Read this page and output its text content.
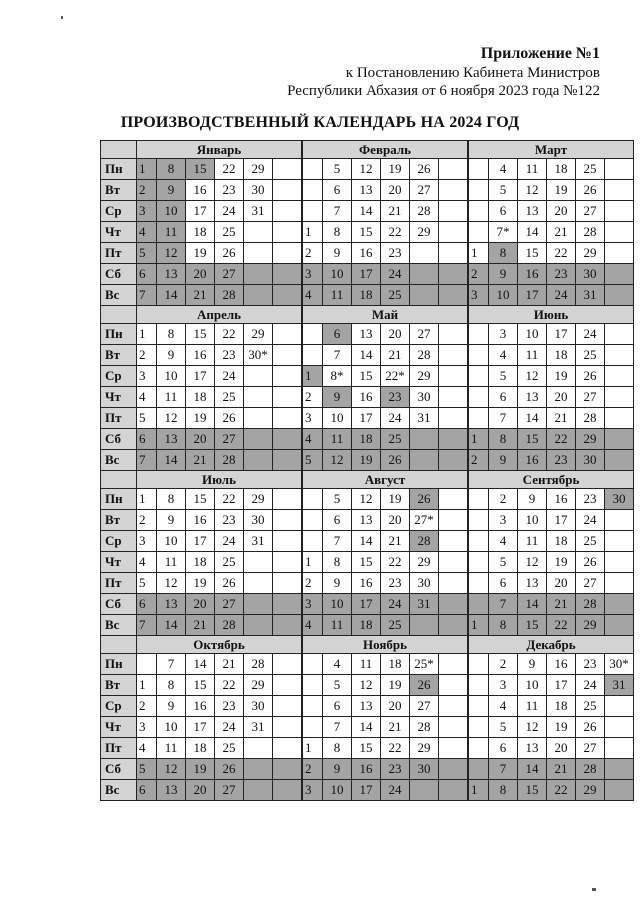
Приложение №1
к Постановлению Кабинета Министров
Республики Абхазия от 6 ноября 2023 года №122
ПРОИЗВОДСТВЕННЫЙ КАЛЕНДАРЬ НА 2024 ГОД
	Январь						Февраль						Март					
Пн	1	8	15	22	29			5	12	19	26			4	11	18	25	
Вт	2	9	16	23	30			6	13	20	27			5	12	19	26	
Ср	3	10	17	24	31			7	14	21	28			6	13	20	27	
Чт	4	11	18	25			1	8	15	22	29			7*	14	21	28	
Пт	5	12	19	26			2	9	16	23			1	8	15	22	29	
Сб	6	13	20	27			3	10	17	24			2	9	16	23	30	
Вс	7	14	21	28			4	11	18	25			3	10	17	24	31	
	Апрель						Май						Июнь					
Пн	1	8	15	22	29			6	13	20	27			3	10	17	24	
Вт	2	9	16	23	30*			7	14	21	28			4	11	18	25	
Ср	3	10	17	24			1	8*	15	22*	29			5	12	19	26	
Чт	4	11	18	25			2	9	16	23	30			6	13	20	27	
Пт	5	12	19	26			3	10	17	24	31			7	14	21	28	
Сб	6	13	20	27			4	11	18	25			1	8	15	22	29	
Вс	7	14	21	28			5	12	19	26			2	9	16	23	30	
	Июль						Август						Сентябрь					
Пн	1	8	15	22	29			5	12	19	26			2	9	16	23	30
Вт	2	9	16	23	30			6	13	20	27*			3	10	17	24	
Ср	3	10	17	24	31			7	14	21	28			4	11	18	25	
Чт	4	11	18	25			1	8	15	22	29			5	12	19	26	
Пт	5	12	19	26			2	9	16	23	30			6	13	20	27	
Сб	6	13	20	27			3	10	17	24	31			7	14	21	28	
Вс	7	14	21	28			4	11	18	25			1	8	15	22	29	
	Октябрь						Ноябрь						Декабрь					
Пн		7	14	21	28			4	11	18	25*			2	9	16	23	30*
Вт	1	8	15	22	29			5	12	19	26			3	10	17	24	31
Ср	2	9	16	23	30			6	13	20	27			4	11	18	25	
Чт	3	10	17	24	31			7	14	21	28			5	12	19	26	
Пт	4	11	18	25			1	8	15	22	29			6	13	20	27	
Сб	5	12	19	26			2	9	16	23	30			7	14	21	28	
Вс	6	13	20	27			3	10	17	24			1	8	15	22	29	
